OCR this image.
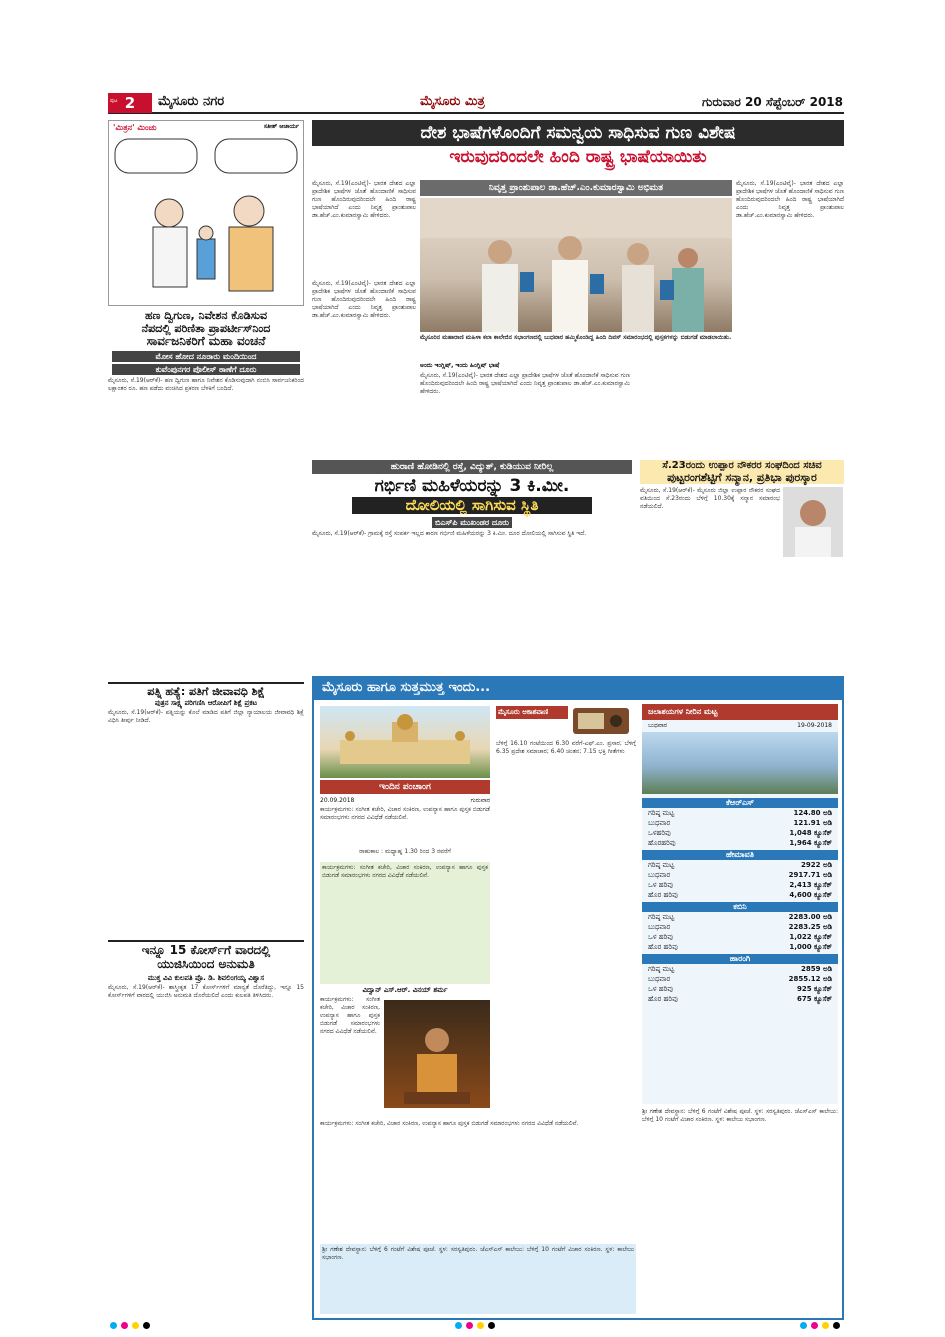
2
ಪುಟ	ಮೈಸೂರು ನಗರ	ಮೈಸೂರು ಮಿತ್ರ	ಗುರುವಾರ 20 ಸೆಪ್ಟೆಂಬರ್ 2018
'ಮಿತ್ರನ' ಮಿಂಚು	ಸತೀಶ್ ಆಚಾರ್ಯ
ಹಣ ದ್ವಿಗುಣ, ನಿವೇಶನ ಕೊಡಿಸುವ
ನೆಪದಲ್ಲಿ ಪರಿಣಿತಾ ಪ್ರಾಪರ್ಟೀಸ್‍ನಿಂದ
ಸಾರ್ವಜನಿಕರಿಗೆ ಮಹಾ ವಂಚನೆ
ಮೋಸ ಹೋದ ನೂರಾರು ಮಂದಿಯಿಂದ
ಕುವೆಂಪುನಗರ ಪೊಲೀಸ್ ಠಾಣೆಗೆ ದೂರು
ಮೈಸೂರು, ಸೆ.19(ಆರ್‌ಕೆ)- ಹಣ ದ್ವಿಗುಣ ಹಾಗೂ ನಿವೇಶನ ಕೊಡಿಸುವುದಾಗಿ ನಂಬಿಸಿ ಸಾರ್ವಜನಿಕರಿಂದ ಲಕ್ಷಾಂತರ ರೂ. ಹಣ ಪಡೆದು ವಂಚಿಸಿದ ಪ್ರಕರಣ ಬೆಳಕಿಗೆ ಬಂದಿದೆ.
ಪತ್ನಿ ಹತ್ಯೆ: ಪತಿಗೆ ಜೀವಾವಧಿ ಶಿಕ್ಷೆ
ಪುತ್ರನ ಸಾಕ್ಷ್ಯ ಪರಿಗಣಿಸಿ ಆರೋಪಿಗೆ ಶಿಕ್ಷೆ ಪ್ರಕಟ
ಮೈಸೂರು, ಸೆ.19(ಆರ್‌ಕೆ)- ಪತ್ನಿಯನ್ನು ಕೊಲೆ ಮಾಡಿದ ಪತಿಗೆ ಜಿಲ್ಲಾ ನ್ಯಾಯಾಲಯ ಜೀವಾವಧಿ ಶಿಕ್ಷೆ ವಿಧಿಸಿ ತೀರ್ಪು ನೀಡಿದೆ.
ಇನ್ನೂ 15 ಕೋರ್ಸ್‌ಗೆ ವಾರದಲ್ಲಿ
ಯುಜಿಸಿಯಿಂದ ಅನುಮತಿ
ಮುಕ್ತ ವಿವಿ ಕುಲಪತಿ ಪ್ರೊ. ಡಿ. ಶಿವಲಿಂಗಯ್ಯ ವಿಶ್ವಾಸ
ಮೈಸೂರು, ಸೆ.19(ಆರ್‌ಕೆ)- ಶಾಸ್ತ್ರೀಕೃತ 17 ಕೋರ್ಸ್‌ಗಳಿಗೆ ಮಾನ್ಯತೆ ದೊರೆತಿದ್ದು, ಇನ್ನೂ 15 ಕೋರ್ಸ್‌ಗಳಿಗೆ ವಾರದಲ್ಲಿ ಯುಜಿಸಿ ಅನುಮತಿ ದೊರೆಯಲಿದೆ ಎಂದು ಕುಲಪತಿ ತಿಳಿಸಿದರು.
ದೇಶ ಭಾಷೆಗಳೊಂದಿಗೆ ಸಮನ್ವಯ ಸಾಧಿಸುವ ಗುಣ ವಿಶೇಷ
ಇರುವುದರಿಂದಲೇ ಹಿಂದಿ ರಾಷ್ಟ್ರ ಭಾಷೆಯಾಯಿತು
ಮೈಸೂರು, ಸೆ.19(ಎಂಟಿವೈ)- ಭಾರತ ದೇಶದ ಎಲ್ಲಾ ಪ್ರಾದೇಶಿಕ ಭಾಷೆಗಳ ಜೊತೆ ಹೊಂದಾಣಿಕೆ ಸಾಧಿಸುವ ಗುಣ ಹೊಂದಿರುವುದರಿಂದಲೇ ಹಿಂದಿ ರಾಷ್ಟ್ರ ಭಾಷೆಯಾಗಿದೆ ಎಂದು ನಿವೃತ್ತ ಪ್ರಾಂಶುಪಾಲ ಡಾ.ಹೆಚ್.ಎಂ.ಕುಮಾರಸ್ವಾಮಿ ಹೇಳಿದರು.
ನಿವೃತ್ತ ಪ್ರಾಂಶುಪಾಲ ಡಾ.ಹೆಚ್.ಎಂ.ಕುಮಾರಸ್ವಾಮಿ ಅಭಿಮತ
ಮೈಸೂರಿನ ಮಹಾರಾಣಿ ಮಹಿಳಾ ಕಲಾ ಕಾಲೇಜಿನ ಸಭಾಂಗಣದಲ್ಲಿ ಬುಧವಾರ ಹಮ್ಮಿಕೊಂಡಿದ್ದ ಹಿಂದಿ ದಿವಸ್ ಸಮಾರಂಭದಲ್ಲಿ ಪುಸ್ತಕಗಳನ್ನು ಬಿಡುಗಡೆ ಮಾಡಲಾಯಿತು.
ಮೈಸೂರು, ಸೆ.19(ಎಂಟಿವೈ)- ಭಾರತ ದೇಶದ ಎಲ್ಲಾ ಪ್ರಾದೇಶಿಕ ಭಾಷೆಗಳ ಜೊತೆ ಹೊಂದಾಣಿಕೆ ಸಾಧಿಸುವ ಗುಣ ಹೊಂದಿರುವುದರಿಂದಲೇ ಹಿಂದಿ ರಾಷ್ಟ್ರ ಭಾಷೆಯಾಗಿದೆ ಎಂದು ನಿವೃತ್ತ ಪ್ರಾಂಶುಪಾಲ ಡಾ.ಹೆಚ್.ಎಂ.ಕುಮಾರಸ್ವಾಮಿ ಹೇಳಿದರು.
ಅಂದು ಇಂಗ್ಲಿಷ್, ಇಂದು ಹಿಂಗ್ಲಿಷ್ ಭಾಷೆ
ಮೈಸೂರು, ಸೆ.19(ಎಂಟಿವೈ)- ಭಾರತ ದೇಶದ ಎಲ್ಲಾ ಪ್ರಾದೇಶಿಕ ಭಾಷೆಗಳ ಜೊತೆ ಹೊಂದಾಣಿಕೆ ಸಾಧಿಸುವ ಗುಣ ಹೊಂದಿರುವುದರಿಂದಲೇ ಹಿಂದಿ ರಾಷ್ಟ್ರ ಭಾಷೆಯಾಗಿದೆ ಎಂದು ನಿವೃತ್ತ ಪ್ರಾಂಶುಪಾಲ ಡಾ.ಹೆಚ್.ಎಂ.ಕುಮಾರಸ್ವಾಮಿ ಹೇಳಿದರು.
ಮೈಸೂರು, ಸೆ.19(ಎಂಟಿವೈ)- ಭಾರತ ದೇಶದ ಎಲ್ಲಾ ಪ್ರಾದೇಶಿಕ ಭಾಷೆಗಳ ಜೊತೆ ಹೊಂದಾಣಿಕೆ ಸಾಧಿಸುವ ಗುಣ ಹೊಂದಿರುವುದರಿಂದಲೇ ಹಿಂದಿ ರಾಷ್ಟ್ರ ಭಾಷೆಯಾಗಿದೆ ಎಂದು ನಿವೃತ್ತ ಪ್ರಾಂಶುಪಾಲ ಡಾ.ಹೆಚ್.ಎಂ.ಕುಮಾರಸ್ವಾಮಿ ಹೇಳಿದರು.
ಹುರಾಣಿ ಹೋಡಿನಲ್ಲಿ ರಸ್ತೆ, ವಿದ್ಯುತ್, ಕುಡಿಯುವ ನೀರಿಲ್ಲ
ಗರ್ಭಿಣಿ ಮಹಿಳೆಯರನ್ನು 3 ಕಿ.ಮೀ.
ದೋಲಿಯಲ್ಲಿ ಸಾಗಿಸುವ ಸ್ಥಿತಿ
ಬಿಎಸ್‌ಪಿ ಮುಖಂಡರ ದೂರು
ಮೈಸೂರು, ಸೆ.19(ಆರ್‌ಕೆ)- ಗ್ರಾಮಕ್ಕೆ ರಸ್ತೆ ಸಂಪರ್ಕ ಇಲ್ಲದ ಕಾರಣ ಗರ್ಭಿಣಿ ಮಹಿಳೆಯರನ್ನು 3 ಕಿ.ಮೀ. ದೂರ ದೋಲಿಯಲ್ಲಿ ಸಾಗಿಸುವ ಸ್ಥಿತಿ ಇದೆ.
ಸೆ.23ರಂದು ಉಪ್ಪಾರ ನೌಕರರ ಸಂಘದಿಂದ ಸಚಿವ
ಪುಟ್ಟರಂಗಶೆಟ್ಟಿಗೆ ಸನ್ಮಾನ, ಪ್ರತಿಭಾ ಪುರಸ್ಕಾರ
ಮೈಸೂರು, ಸೆ.19(ಆರ್‌ಕೆ)- ಮೈಸೂರು ಜಿಲ್ಲಾ ಉಪ್ಪಾರ ನೌಕರರ ಸಂಘದ ವತಿಯಿಂದ ಸೆ.23ರಂದು ಬೆಳಿಗ್ಗೆ 10.30ಕ್ಕೆ ಸನ್ಮಾನ ಸಮಾರಂಭ ನಡೆಯಲಿದೆ.
ಮೈಸೂರು ಹಾಗೂ ಸುತ್ತಮುತ್ತ ಇಂದು...
ಇಂದಿನ ಪಂಚಾಂಗ
20.09.2018	ಗುರುವಾರ
ಕಾರ್ಯಕ್ರಮಗಳು: ಸಂಗೀತ ಕಚೇರಿ, ವಿಚಾರ ಸಂಕಿರಣ, ಉಪನ್ಯಾಸ ಹಾಗೂ ಪುಸ್ತಕ ಬಿಡುಗಡೆ ಸಮಾರಂಭಗಳು ನಗರದ ವಿವಿಧೆಡೆ ನಡೆಯಲಿವೆ.
ರಾಹುಕಾಲ : ಮಧ್ಯಾಹ್ನ 1.30 ರಿಂದ 3 ರವರೆಗೆ
ಮೈಸೂರು ಆಕಾಶವಾಣಿ
ಬೆಳಿಗ್ಗೆ 16.10 ಗಂಟೆಯಿಂದ 6.30 ವರೆಗೆ-ಎಫ್.ಎಂ. ಪ್ರಸಾರ; ಬೆಳಿಗ್ಗೆ 6.35 ಪ್ರದೇಶ ಸಮಾಚಾರ; 6.40 ಚಿಂತನ; 7.15 ಭಕ್ತಿ ಗೀತೆಗಳು
ಕಾರ್ಯಕ್ರಮಗಳು: ಸಂಗೀತ ಕಚೇರಿ, ವಿಚಾರ ಸಂಕಿರಣ, ಉಪನ್ಯಾಸ ಹಾಗೂ ಪುಸ್ತಕ ಬಿಡುಗಡೆ ಸಮಾರಂಭಗಳು ನಗರದ ವಿವಿಧೆಡೆ ನಡೆಯಲಿವೆ.
ವಿದ್ವಾನ್ ಎಸ್.ಆರ್. ವಿನಯ್ ಶರ್ಮ
ಕಾರ್ಯಕ್ರಮಗಳು: ಸಂಗೀತ ಕಚೇರಿ, ವಿಚಾರ ಸಂಕಿರಣ, ಉಪನ್ಯಾಸ ಹಾಗೂ ಪುಸ್ತಕ ಬಿಡುಗಡೆ ಸಮಾರಂಭಗಳು ನಗರದ ವಿವಿಧೆಡೆ ನಡೆಯಲಿವೆ.
ಕಾರ್ಯಕ್ರಮಗಳು: ಸಂಗೀತ ಕಚೇರಿ, ವಿಚಾರ ಸಂಕಿರಣ, ಉಪನ್ಯಾಸ ಹಾಗೂ ಪುಸ್ತಕ ಬಿಡುಗಡೆ ಸಮಾರಂಭಗಳು ನಗರದ ವಿವಿಧೆಡೆ ನಡೆಯಲಿವೆ.
ಶ್ರೀ ಗಣೇಶ ದೇವಸ್ಥಾನ: ಬೆಳಿಗ್ಗೆ 6 ಗಂಟೆಗೆ ವಿಶೇಷ ಪೂಜೆ. ಸ್ಥಳ: ಸರಸ್ವತಿಪುರಂ. ಜೆಎಸ್‌ಎಸ್ ಕಾಲೇಜು: ಬೆಳಿಗ್ಗೆ 10 ಗಂಟೆಗೆ ವಿಚಾರ ಸಂಕಿರಣ. ಸ್ಥಳ: ಕಾಲೇಜು ಸಭಾಂಗಣ.
ಜಲಾಶಯಗಳ ನೀರಿನ ಮಟ್ಟ
ಬುಧವಾರ	19-09-2018
ಕೆಆರ್‌ಎಸ್
ಗರಿಷ್ಠ ಮಟ್ಟ	124.80 ಅಡಿ
ಬುಧವಾರ	121.91 ಅಡಿ
ಒಳಹರಿವು	1,048 ಕ್ಯೂಸೆಕ್
ಹೊರಹರಿವು	1,964 ಕ್ಯೂಸೆಕ್
ಹೇಮಾವತಿ
ಗರಿಷ್ಠ ಮಟ್ಟ	2922 ಅಡಿ
ಬುಧವಾರ	2917.71 ಅಡಿ
ಒಳ ಹರಿವು	2,413 ಕ್ಯೂಸೆಕ್
ಹೊರ ಹರಿವು	4,600 ಕ್ಯೂಸೆಕ್
ಕಬಿನಿ
ಗರಿಷ್ಠ ಮಟ್ಟ	2283.00 ಅಡಿ
ಬುಧವಾರ	2283.25 ಅಡಿ
ಒಳ ಹರಿವು	1,022 ಕ್ಯೂಸೆಕ್
ಹೊರ ಹರಿವು	1,000 ಕ್ಯೂಸೆಕ್
ಹಾರಂಗಿ
ಗರಿಷ್ಠ ಮಟ್ಟ	2859 ಅಡಿ
ಬುಧವಾರ	2855.12 ಅಡಿ
ಒಳ ಹರಿವು	925 ಕ್ಯೂಸೆಕ್
ಹೊರ ಹರಿವು	675 ಕ್ಯೂಸೆಕ್
ಶ್ರೀ ಗಣೇಶ ದೇವಸ್ಥಾನ: ಬೆಳಿಗ್ಗೆ 6 ಗಂಟೆಗೆ ವಿಶೇಷ ಪೂಜೆ. ಸ್ಥಳ: ಸರಸ್ವತಿಪುರಂ. ಜೆಎಸ್‌ಎಸ್ ಕಾಲೇಜು: ಬೆಳಿಗ್ಗೆ 10 ಗಂಟೆಗೆ ವಿಚಾರ ಸಂಕಿರಣ. ಸ್ಥಳ: ಕಾಲೇಜು ಸಭಾಂಗಣ.
